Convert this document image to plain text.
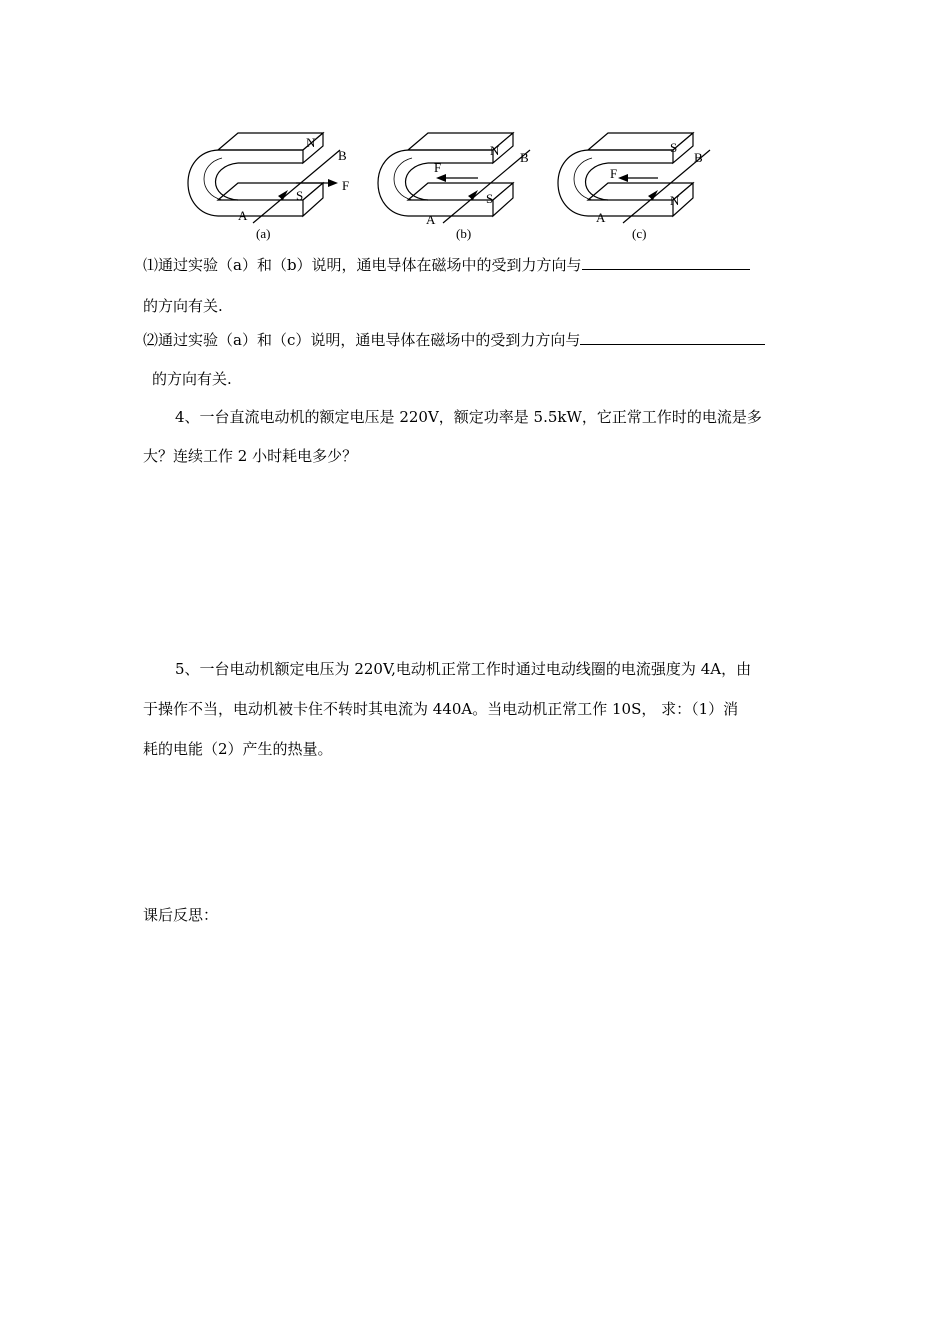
N
S
B
A
F
(a)
N
S
B
A
F
(b)
S
N
B
A
F
(c)
⑴通过实验（a）和（b）说明，通电导体在磁场中的受到力方向与
的方向有关.
⑵通过实验（a）和（c）说明，通电导体在磁场中的受到力方向与
的方向有关.
4、一台直流电动机的额定电压是 220V，额定功率是 5.5kW，它正常工作时的电流是多
大？连续工作 2 小时耗电多少？
5、一台电动机额定电压为 220V,电动机正常工作时通过电动线圈的电流强度为 4A，由
于操作不当，电动机被卡住不转时其电流为 440A。当电动机正常工作 10S， 求：（1）消
耗的电能（2）产生的热量。
课后反思：
